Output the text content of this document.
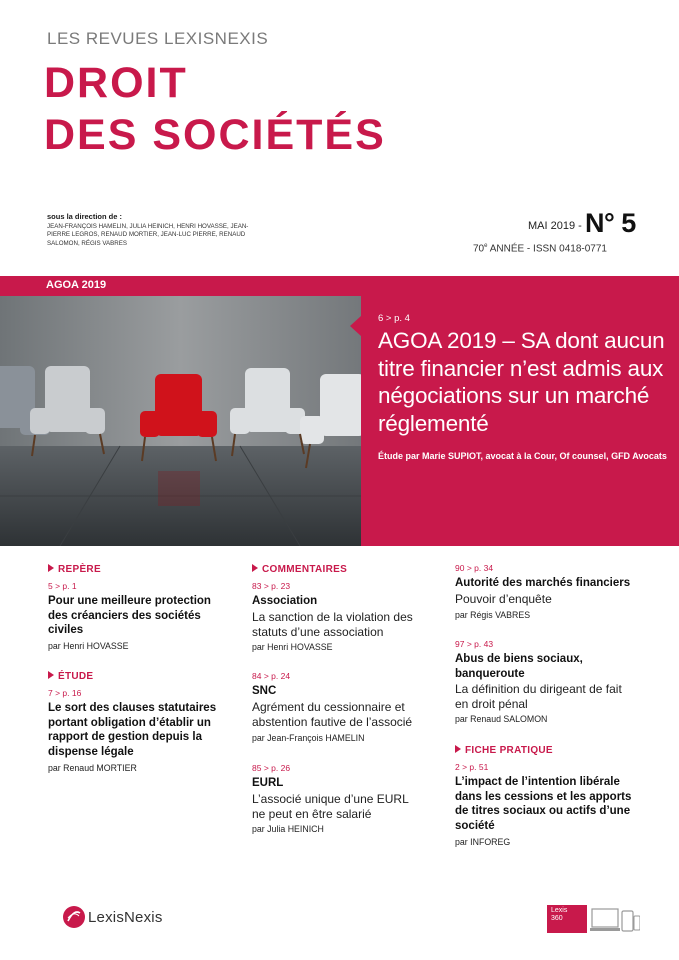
LES REVUES LEXISNEXIS
DROIT
DES SOCIÉTÉS
sous la direction de :
JEAN-FRANÇOIS HAMELIN, JULIA HEINICH, HENRI HOVASSE, JEAN-PIERRE LEGROS, RENAUD MORTIER, JEAN-LUC PIERRE, RENAUD SALOMON, RÉGIS VABRES
MAI 2019 - N° 5
70e ANNÉE - ISSN 0418-0771
AGOA 2019
6 > p. 4
AGOA 2019 – SA dont aucun titre financier n’est admis aux négociations sur un marché réglementé
Étude par Marie SUPIOT, avocat à la Cour, Of counsel, GFD Avocats
REPÈRE
5 > p. 1
Pour une meilleure protection des créanciers des sociétés civiles
par Henri HOVASSE
ÉTUDE
7 > p. 16
Le sort des clauses statutaires portant obligation d’établir un rapport de gestion depuis la dispense légale
par Renaud MORTIER
COMMENTAIRES
83 > p. 23
Association
La sanction de la violation des statuts d’une association
par Henri HOVASSE
84 > p. 24
SNC
Agrément du cessionnaire et abstention fautive de l’associé
par Jean-François HAMELIN
85 > p. 26
EURL
L’associé unique d’une EURL ne peut en être salarié
par Julia HEINICH
90 > p. 34
Autorité des marchés financiers
Pouvoir d’enquête
par Régis VABRES
97 > p. 43
Abus de biens sociaux, banqueroute
La définition du dirigeant de fait en droit pénal
par Renaud SALOMON
FICHE PRATIQUE
2 > p. 51
L’impact de l’intention libérale dans les cessions et les apports de titres sociaux ou actifs d’une société
par INFOREG
LexisNexis	Lexis
360
